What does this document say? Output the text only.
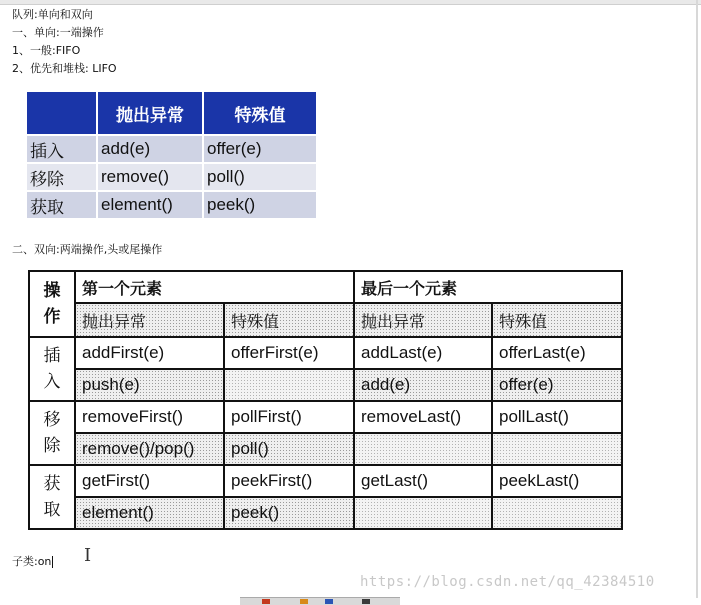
队列:单向和双向
一、单向:一端操作
1、一般:FIFO
2、优先和堆栈: LIFO
	抛出异常	特殊值
插入	add(e)	offer(e)
移除	remove()	poll()
获取	element()	peek()
二、双向:两端操作,头或尾操作
操
作	第一个元素		最后一个元素	
	抛出异常	特殊值	抛出异常	特殊值
插
入	addFirst(e)	offerFirst(e)	addLast(e)	offerLast(e)
	push(e)		add(e)	offer(e)
移
除	removeFirst()	pollFirst()	removeLast()	pollLast()
	remove()/pop()	poll()		
获
取	getFirst()	peekFirst()	getLast()	peekLast()
	element()	peek()		
子类:on I
https://blog.csdn.net/qq_42384510
